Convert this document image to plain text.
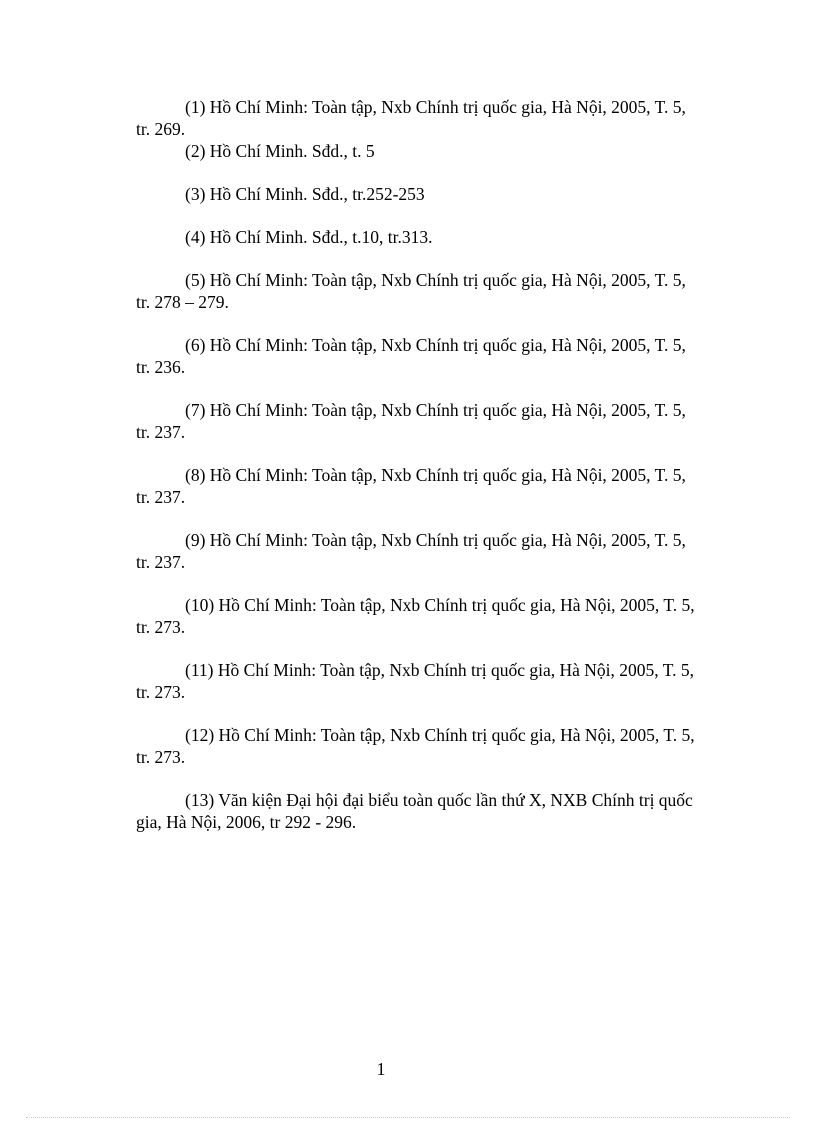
(1) Hồ Chí Minh: Toàn tập, Nxb Chính trị quốc gia, Hà Nội, 2005, T. 5, tr. 269.

(2) Hồ Chí Minh. Sđd., t. 5

(3) Hồ Chí Minh. Sđd., tr.252-253

(4) Hồ Chí Minh. Sđd., t.10, tr.313.

(5) Hồ Chí Minh: Toàn tập, Nxb Chính trị quốc gia, Hà Nội, 2005, T. 5, tr. 278 – 279.

(6) Hồ Chí Minh: Toàn tập, Nxb Chính trị quốc gia, Hà Nội, 2005, T. 5, tr. 236.

(7) Hồ Chí Minh: Toàn tập, Nxb Chính trị quốc gia, Hà Nội, 2005, T. 5, tr. 237.

(8) Hồ Chí Minh: Toàn tập, Nxb Chính trị quốc gia, Hà Nội, 2005, T. 5, tr. 237.

(9) Hồ Chí Minh: Toàn tập, Nxb Chính trị quốc gia, Hà Nội, 2005, T. 5, tr. 237.

(10) Hồ Chí Minh: Toàn tập, Nxb Chính trị quốc gia, Hà Nội, 2005, T. 5, tr. 273.

(11) Hồ Chí Minh: Toàn tập, Nxb Chính trị quốc gia, Hà Nội, 2005, T. 5, tr. 273.

(12) Hồ Chí Minh: Toàn tập, Nxb Chính trị quốc gia, Hà Nội, 2005, T. 5, tr. 273.

(13) Văn kiện Đại hội đại biểu toàn quốc lần thứ X, NXB Chính trị quốc gia, Hà Nội, 2006, tr 292 - 296.

1
